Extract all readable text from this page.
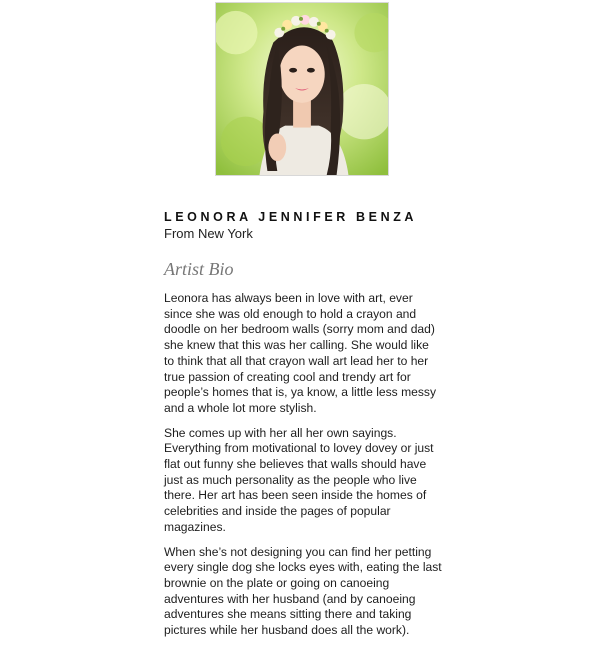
LEONORA JENNIFER BENZA
From New York
Artist Bio

Leonora has always been in love with art, ever since she was old enough to hold a crayon and doodle on her bedroom walls (sorry mom and dad) she knew that this was her calling. She would like to think that all that crayon wall art lead her to her true passion of creating cool and trendy art for people’s homes that is, ya know, a little less messy and a whole lot more stylish.

She comes up with her all her own sayings. Everything from motivational to lovey dovey or just flat out funny she believes that walls should have just as much personality as the people who live there. Her art has been seen inside the homes of celebrities and inside the pages of popular magazines.

When she’s not designing you can find her petting every single dog she locks eyes with, eating the last brownie on the plate or going on canoeing adventures with her husband (and by canoeing adventures she means sitting there and taking pictures while her husband does all the work).
